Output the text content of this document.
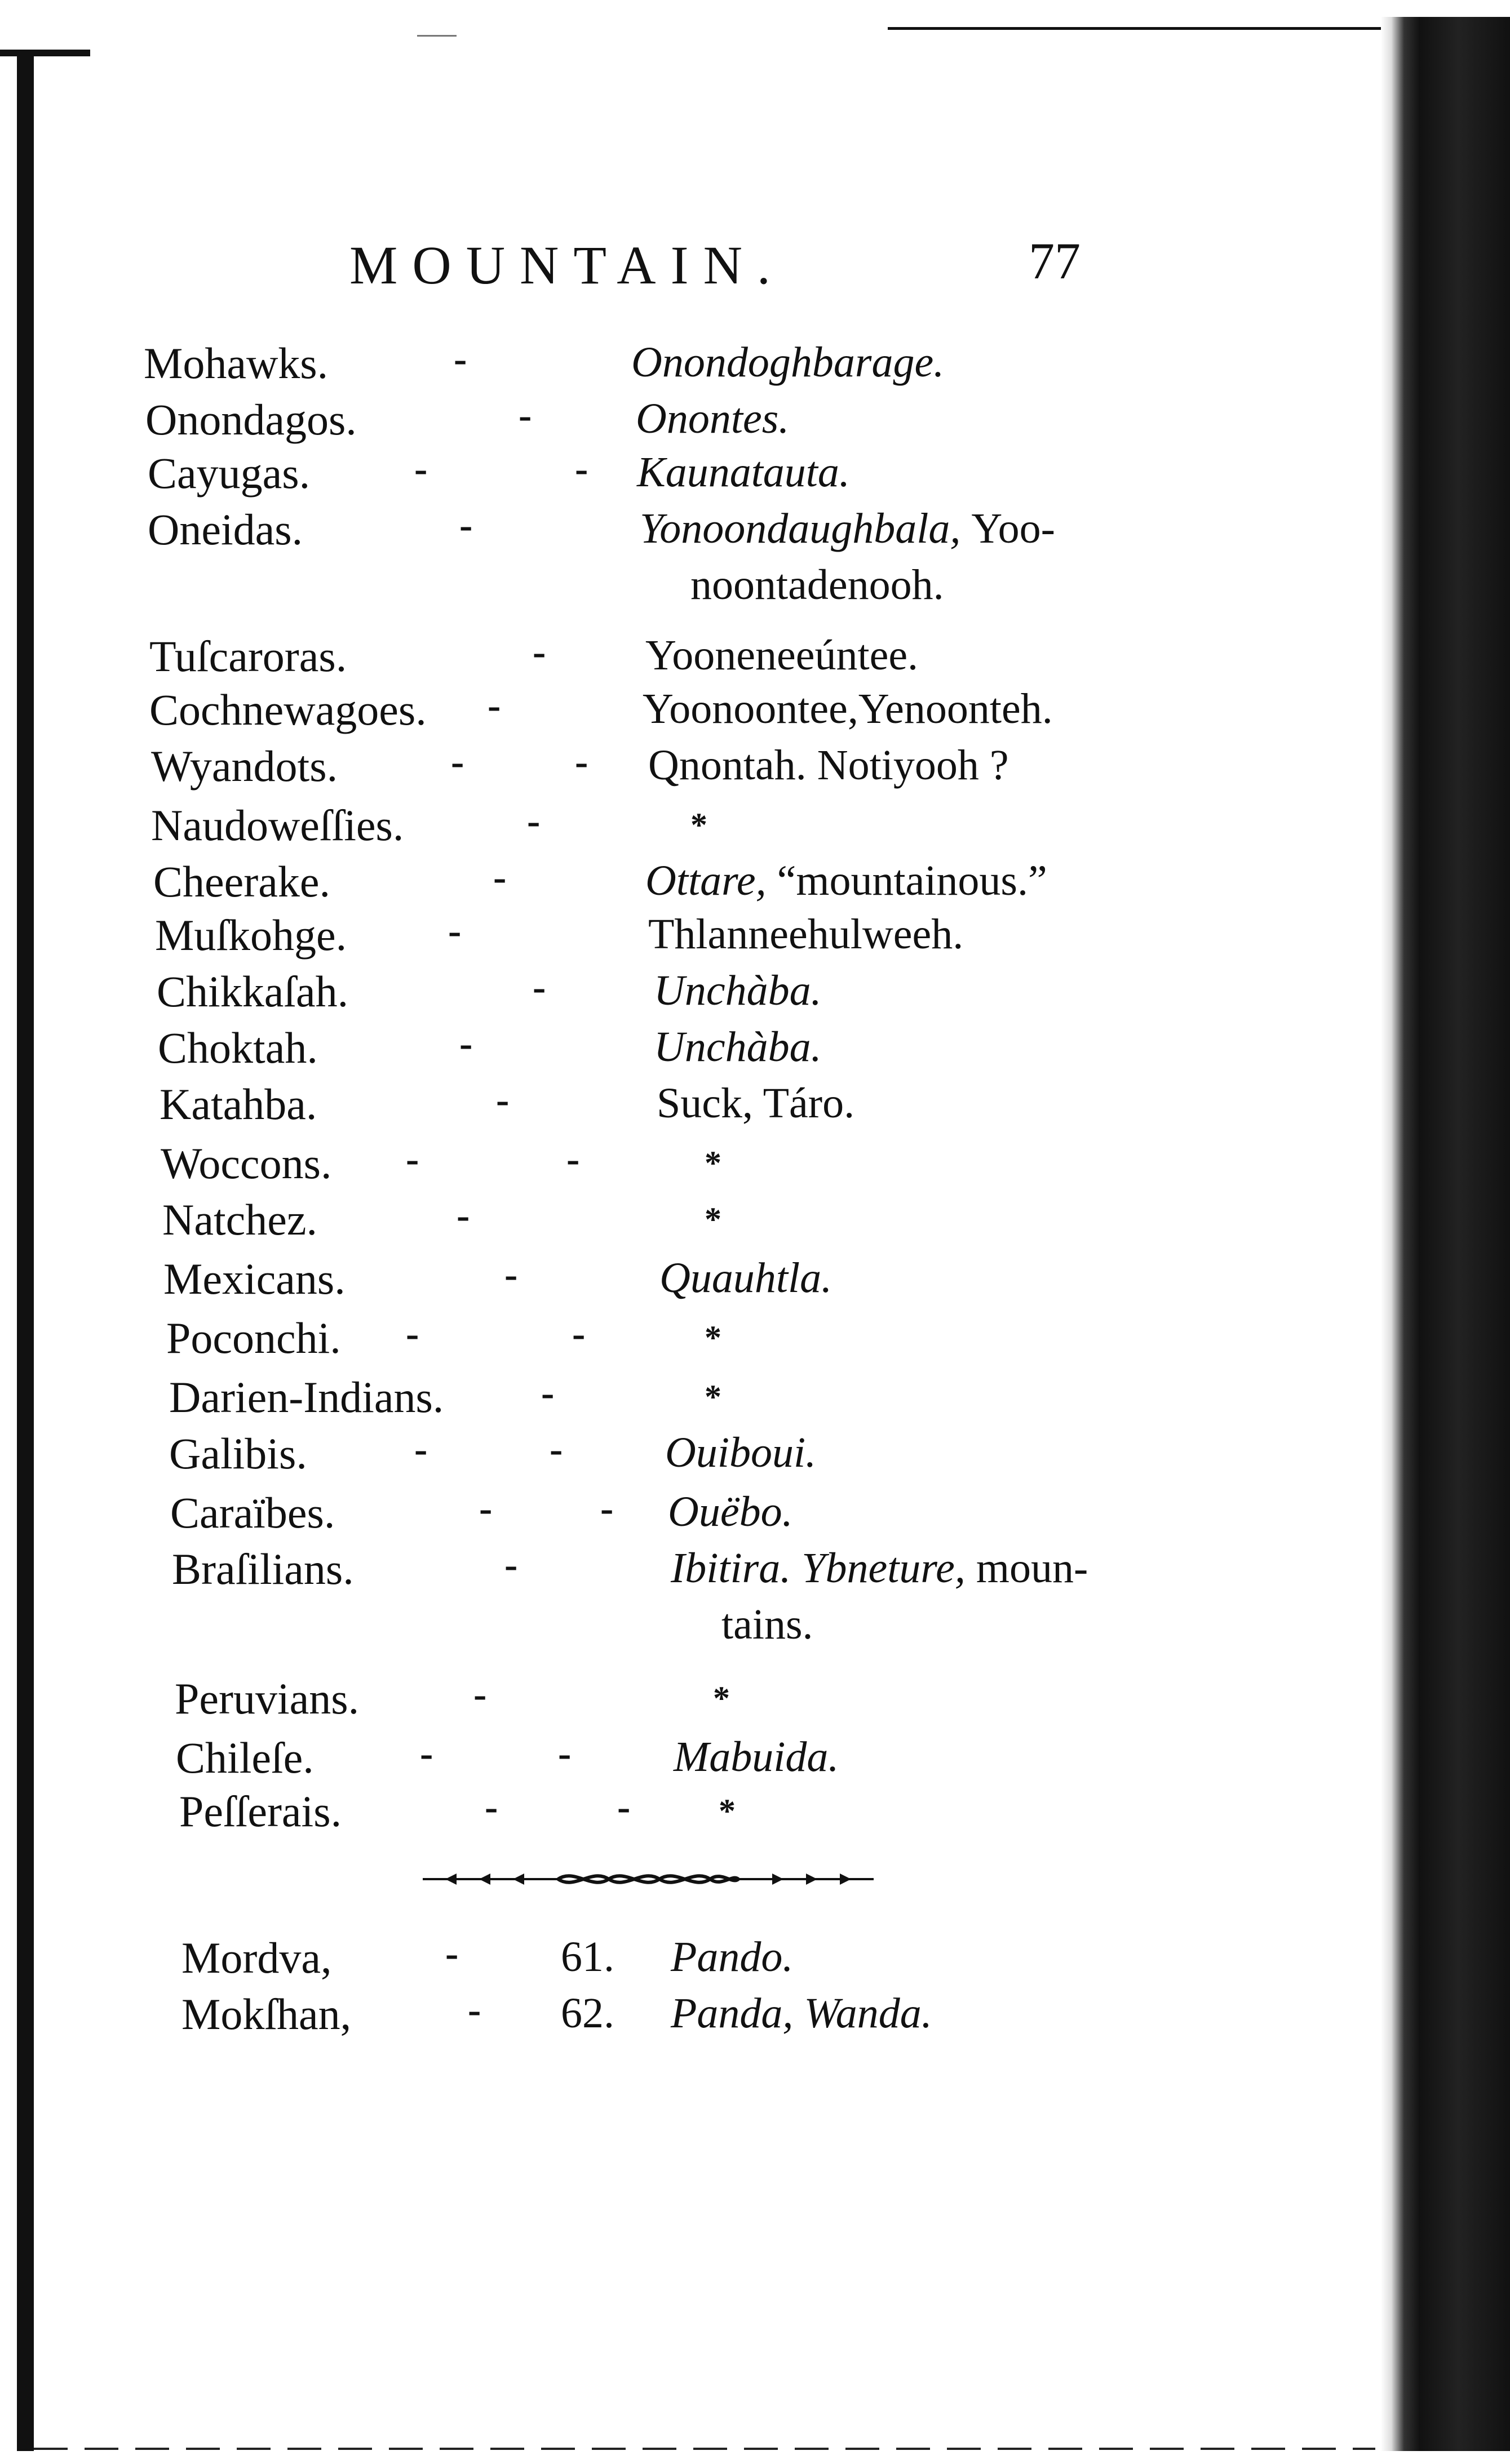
MOUNTAIN.	77
Mohawks.	-	Onondoghbarage.
Onondagos.	- Onontes.
Cayugas.	-	- Kaunatauta.
Oneidas.	-	Yonoondaughbala, Yoo-
noontadenooh.
Tuſcaroras.	- Yooneneeúntee.
Cochnewagoes. -	Yoonoontee,Yenoonteh.
Wyandots.	-	- Qnontah. Notiyooh ?
Naudoweſſies.	-	*
Cheerake.	-	Ottare, “mountainous.”
Muſkohge.	-	Thlanneehulweeh.
Chikkaſah.	-	Unchàba.
Choktah.	-	Unchàba.
Katahba.	-	Suck, Táro.
Woccons. -	-	*
Natchez.	-	*
Mexicans.	-	Quauhtla.
Poconchi. -	-	*
Darien-Indians. -	*
Galibis.	-	- Ouiboui.
Caraïbes.	-	- Ouëbo.
Braſilians.	-	Ibitira. Ybneture, moun-
tains.
Peruvians.	-	*
Chileſe.	-	- Mabuida.
Peſſerais.	-	-	*
Mordva,	- 61. Pando.
Mokſhan,	- 62. Panda, Wanda.
